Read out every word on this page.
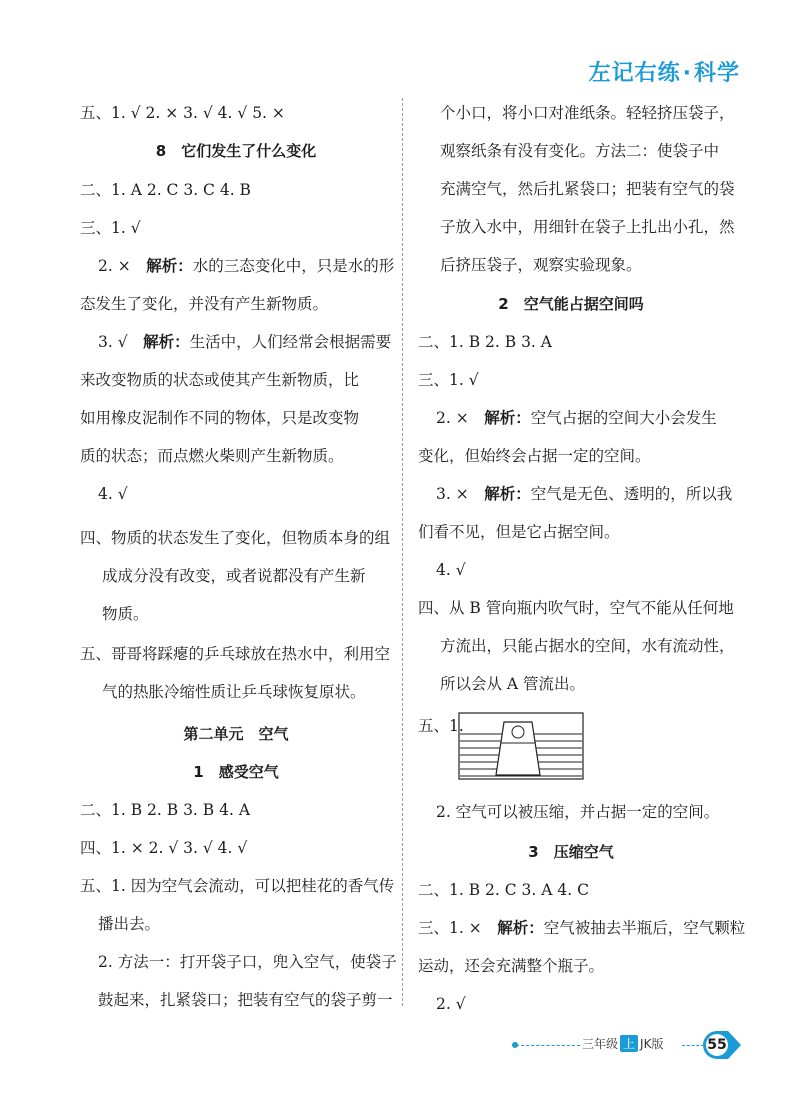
左记右练·科学
五、1. √ 2. × 3. √ 4. √ 5. ×
8　它们发生了什么变化
二、1. A 2. C 3. C 4. B
三、1. √
2. ×　解析：水的三态变化中，只是水的形
态发生了变化，并没有产生新物质。
3. √　解析：生活中，人们经常会根据需要
来改变物质的状态或使其产生新物质，比
如用橡皮泥制作不同的物体，只是改变物
质的状态；而点燃火柴则产生新物质。
4. √
四、物质的状态发生了变化，但物质本身的组
成成分没有改变，或者说都没有产生新
物质。
五、哥哥将踩瘪的乒乓球放在热水中，利用空
气的热胀冷缩性质让乒乓球恢复原状。
第二单元　空气
1　感受空气
二、1. B 2. B 3. B 4. A
四、1. × 2. √ 3. √ 4. √
五、1. 因为空气会流动，可以把桂花的香气传
播出去。
2. 方法一：打开袋子口，兜入空气，使袋子
鼓起来，扎紧袋口；把装有空气的袋子剪一
个小口，将小口对准纸条。轻轻挤压袋子，
观察纸条有没有变化。方法二：使袋子中
充满空气，然后扎紧袋口；把装有空气的袋
子放入水中，用细针在袋子上扎出小孔，然
后挤压袋子，观察实验现象。
2　空气能占据空间吗
二、1. B 2. B 3. A
三、1. √
2. ×　解析：空气占据的空间大小会发生
变化，但始终会占据一定的空间。
3. ×　解析：空气是无色、透明的，所以我
们看不见，但是它占据空间。
4. √
四、从 B 管向瓶内吹气时，空气不能从任何地
方流出，只能占据水的空间，水有流动性，
所以会从 A 管流出。
五、1.
2. 空气可以被压缩，并占据一定的空间。
3　压缩空气
二、1. B 2. C 3. A 4. C
三、1. ×　解析：空气被抽去半瓶后，空气颗粒
运动，还会充满整个瓶子。
2. √
三年级 上 JK版	55
